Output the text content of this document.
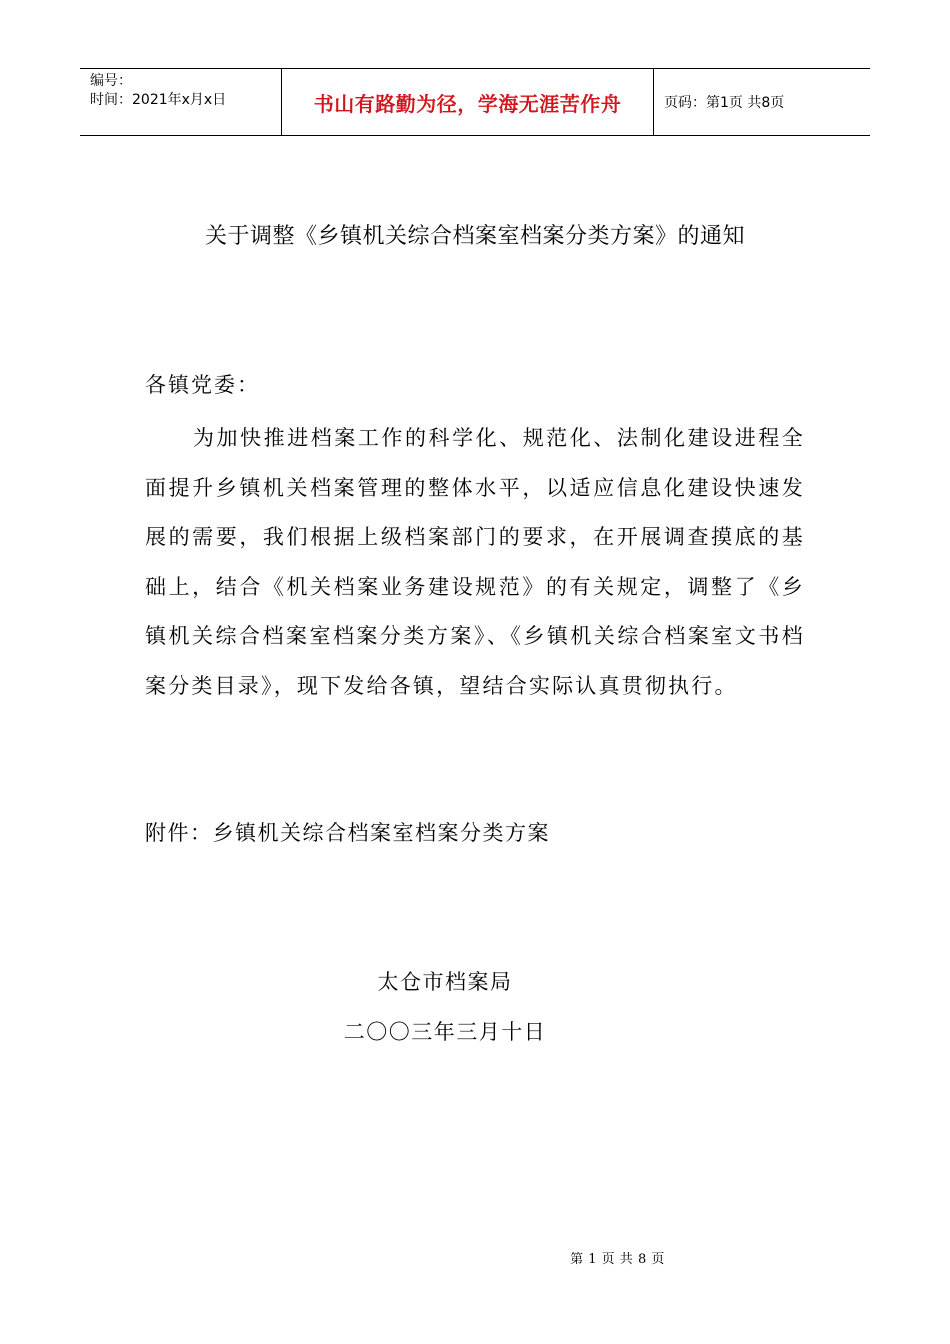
编号：
时间：2021年x月x日	书山有路勤为径，学海无涯苦作舟	页码：第1页 共8页
关于调整《乡镇机关综合档案室档案分类方案》的通知
各镇党委：
为加快推进档案工作的科学化、规范化、法制化建设进程全面提升乡镇机关档案管理的整体水平，以适应信息化建设快速发展的需要，我们根据上级档案部门的要求，在开展调查摸底的基础上，结合《机关档案业务建设规范》的有关规定，调整了《乡镇机关综合档案室档案分类方案》、《乡镇机关综合档案室文书档案分类目录》，现下发给各镇，望结合实际认真贯彻执行。
附件：乡镇机关综合档案室档案分类方案
太仓市档案局
二〇〇三年三月十日
第 1 页 共 8 页
